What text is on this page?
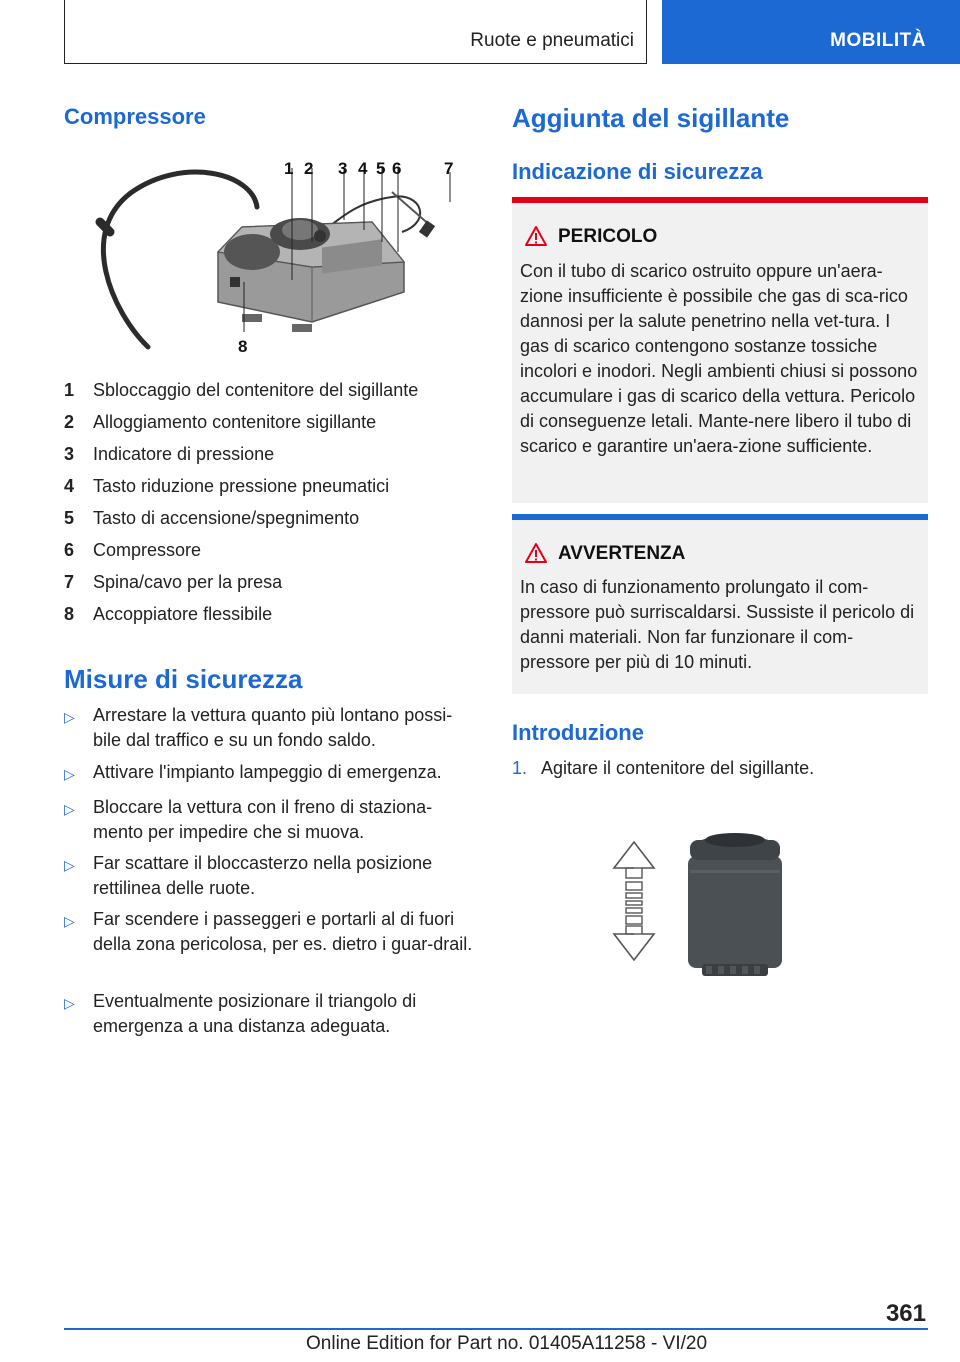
Ruote e pneumatici	MOBILITÀ
Compressore
1 2 3 4 5 6	7
8
1	Sbloccaggio del contenitore del sigillante
2	Alloggiamento contenitore sigillante
3	Indicatore di pressione
4	Tasto riduzione pressione pneumatici
5	Tasto di accensione/spegnimento
6	Compressore
7	Spina/cavo per la presa
8	Accoppiatore flessibile
Misure di sicurezza
▷ Arrestare la vettura quanto più lontano possi-bile dal traffico e su un fondo saldo.
▷ Attivare l'impianto lampeggio di emergenza.
▷ Bloccare la vettura con il freno di staziona-mento per impedire che si muova.
▷ Far scattare il bloccasterzo nella posizione rettilinea delle ruote.
▷ Far scendere i passeggeri e portarli al di fuori della zona pericolosa, per es. dietro i guar-drail.
▷ Eventualmente posizionare il triangolo di emergenza a una distanza adeguata.
Aggiunta del sigillante
Indicazione di sicurezza
PERICOLO
Con il tubo di scarico ostruito oppure un'aera-zione insufficiente è possibile che gas di sca-rico dannosi per la salute penetrino nella vet-tura. I gas di scarico contengono sostanze tossiche incolori e inodori. Negli ambienti chiusi si possono accumulare i gas di scarico della vettura. Pericolo di conseguenze letali. Mante-nere libero il tubo di scarico e garantire un'aera-zione sufficiente.
AVVERTENZA
In caso di funzionamento prolungato il com-pressore può surriscaldarsi. Sussiste il pericolo di danni materiali. Non far funzionare il com-pressore per più di 10 minuti.
Introduzione
1. Agitare il contenitore del sigillante.
361
Online Edition for Part no. 01405A11258 - VI/20
